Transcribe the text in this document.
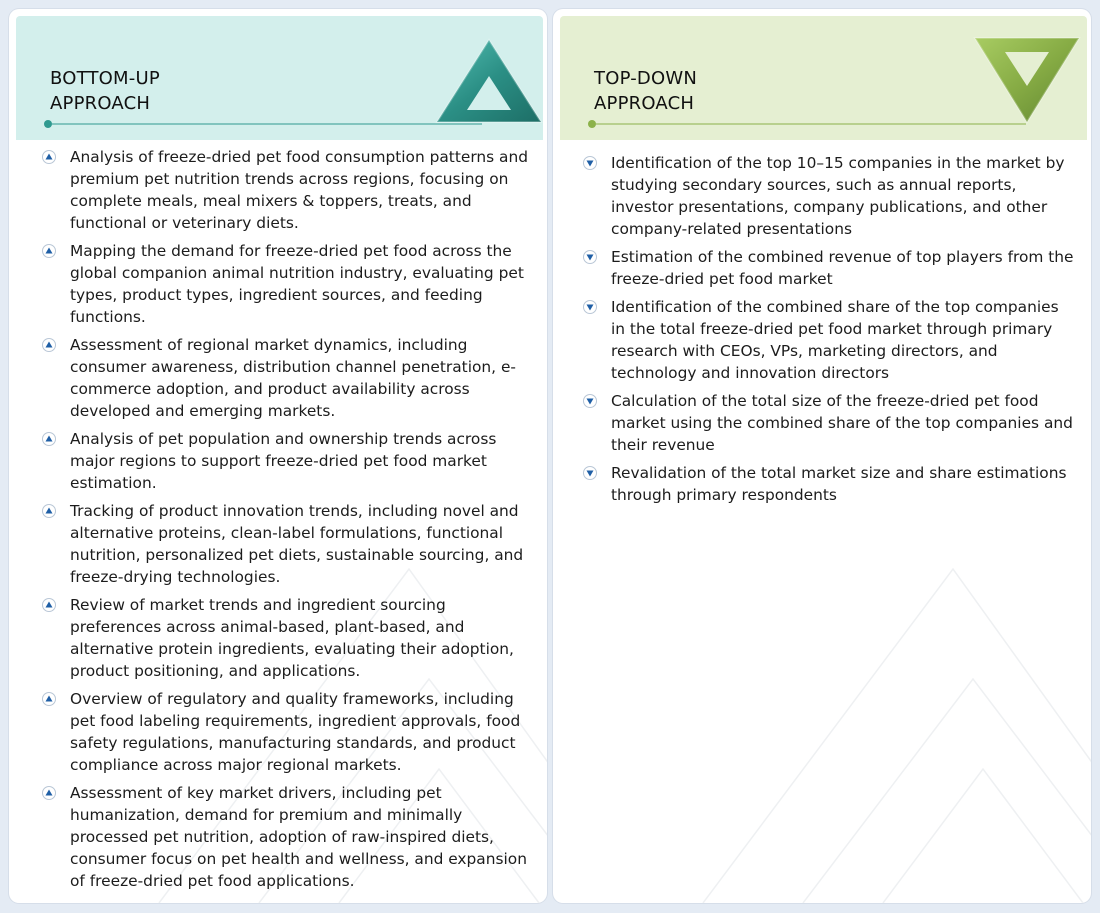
BOTTOM-UP
APPROACH
Analysis of freeze-dried pet food consumption patterns and premium pet nutrition trends across regions, focusing on complete meals, meal mixers & toppers, treats, and functional or veterinary diets.
Mapping the demand for freeze-dried pet food across the global companion animal nutrition industry, evaluating pet types, product types, ingredient sources, and feeding functions.
Assessment of regional market dynamics, including consumer awareness, distribution channel penetration, e-commerce adoption, and product availability across developed and emerging markets.
Analysis of pet population and ownership trends across major regions to support freeze-dried pet food market estimation.
Tracking of product innovation trends, including novel and alternative proteins, clean-label formulations, functional nutrition, personalized pet diets, sustainable sourcing, and freeze-drying technologies.
Review of market trends and ingredient sourcing preferences across animal-based, plant-based, and alternative protein ingredients, evaluating their adoption, product positioning, and applications.
Overview of regulatory and quality frameworks, including pet food labeling requirements, ingredient approvals, food safety regulations, manufacturing standards, and product compliance across major regional markets.
Assessment of key market drivers, including pet humanization, demand for premium and minimally processed pet nutrition, adoption of raw-inspired diets, consumer focus on pet health and wellness, and expansion of freeze-dried pet food applications.
TOP-DOWN
APPROACH
Identification of the top 10–15 companies in the market by studying secondary sources, such as annual reports, investor presentations, company publications, and other company-related presentations
Estimation of the combined revenue of top players from the freeze-dried pet food market
Identification of the combined share of the top companies in the total freeze-dried pet food market through primary research with CEOs, VPs, marketing directors, and technology and innovation directors
Calculation of the total size of the freeze-dried pet food market using the combined share of the top companies and their revenue
Revalidation of the total market size and share estimations through primary respondents
